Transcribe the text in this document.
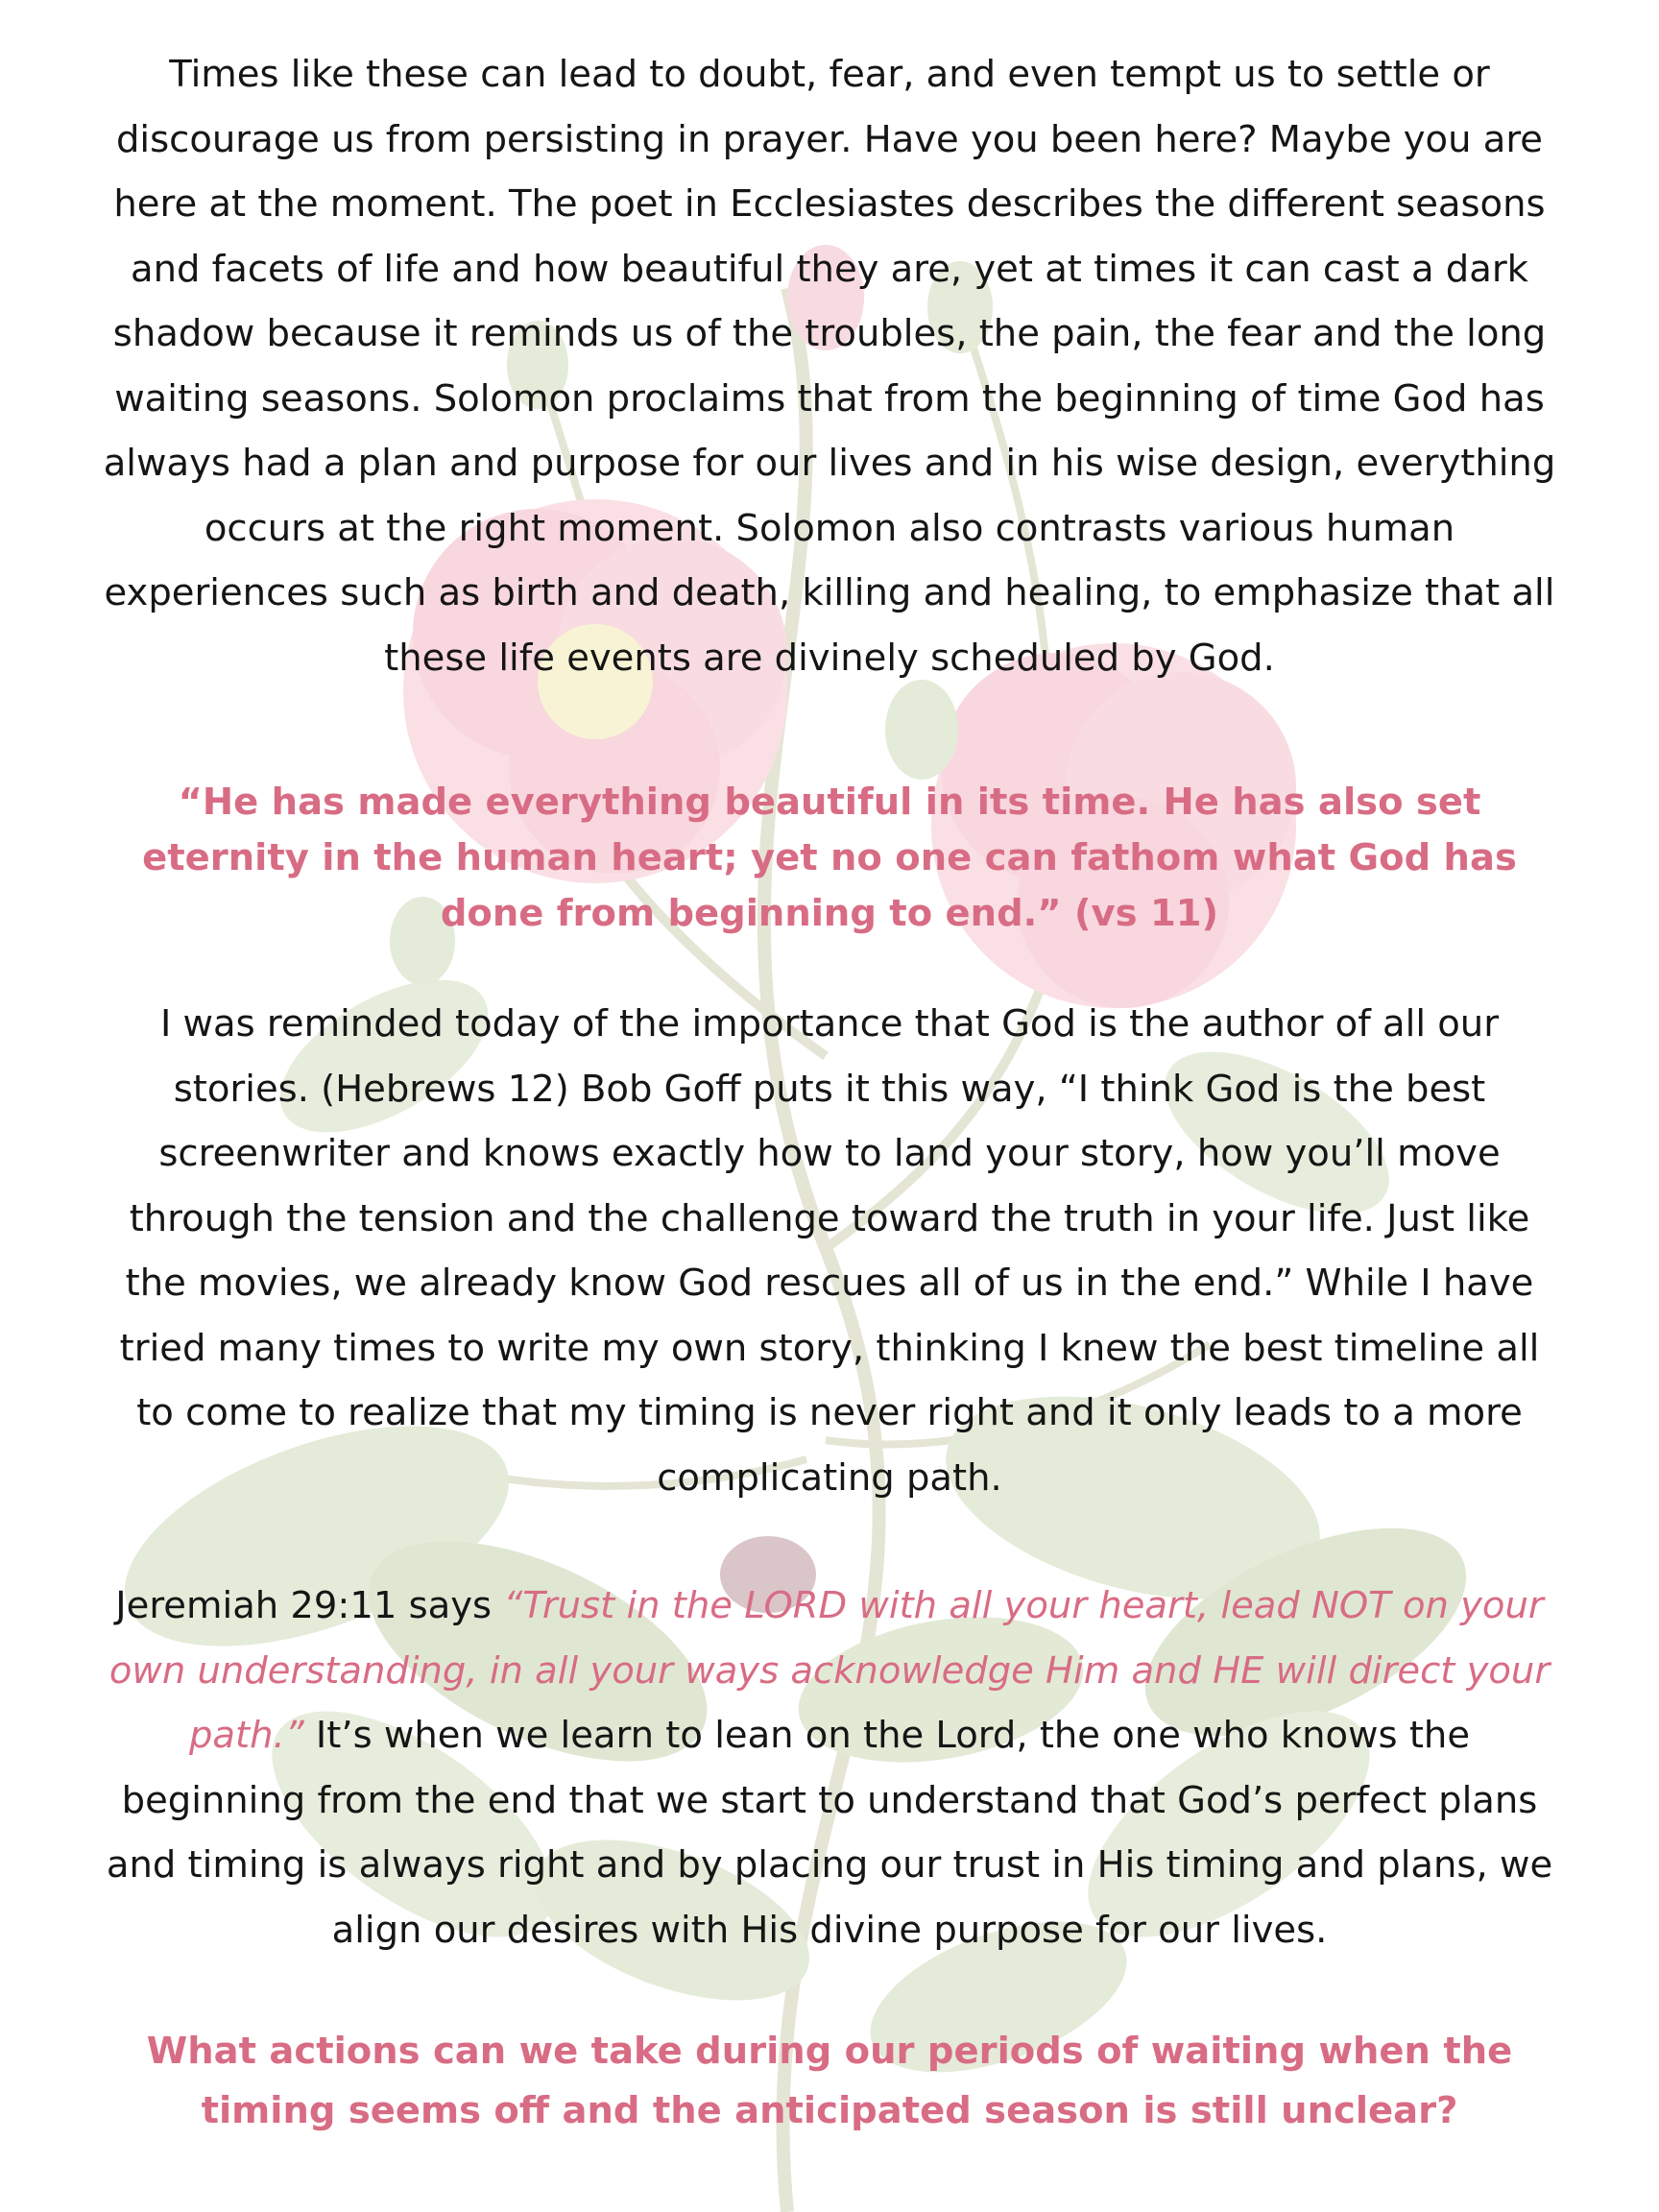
Times like these can lead to doubt, fear, and even tempt us to settle or discourage us from persisting in prayer. Have you been here? Maybe you are here at the moment. The poet in Ecclesiastes describes the different seasons and facets of life and how beautiful they are, yet at times it can cast a dark shadow because it reminds us of the troubles, the pain, the fear and the long waiting seasons. Solomon proclaims that from the beginning of time God has always had a plan and purpose for our lives and in his wise design, everything occurs at the right moment. Solomon also contrasts various human experiences such as birth and death, killing and healing, to emphasize that all these life events are divinely scheduled by God.

“He has made everything beautiful in its time. He has also set eternity in the human heart; yet no one can fathom what God has done from beginning to end.” (vs 11)

I was reminded today of the importance that God is the author of all our stories. (Hebrews 12) Bob Goff puts it this way, “I think God is the best screenwriter and knows exactly how to land your story, how you’ll move through the tension and the challenge toward the truth in your life. Just like the movies, we already know God rescues all of us in the end.” While I have tried many times to write my own story, thinking I knew the best timeline all to come to realize that my timing is never right and it only leads to a more complicating path.

Jeremiah 29:11 says “Trust in the LORD with all your heart, lead NOT on your own understanding, in all your ways acknowledge Him and HE will direct your path.” It’s when we learn to lean on the Lord, the one who knows the beginning from the end that we start to understand that God’s perfect plans and timing is always right and by placing our trust in His timing and plans, we align our desires with His divine purpose for our lives.

What actions can we take during our periods of waiting when the timing seems off and the anticipated season is still unclear?
